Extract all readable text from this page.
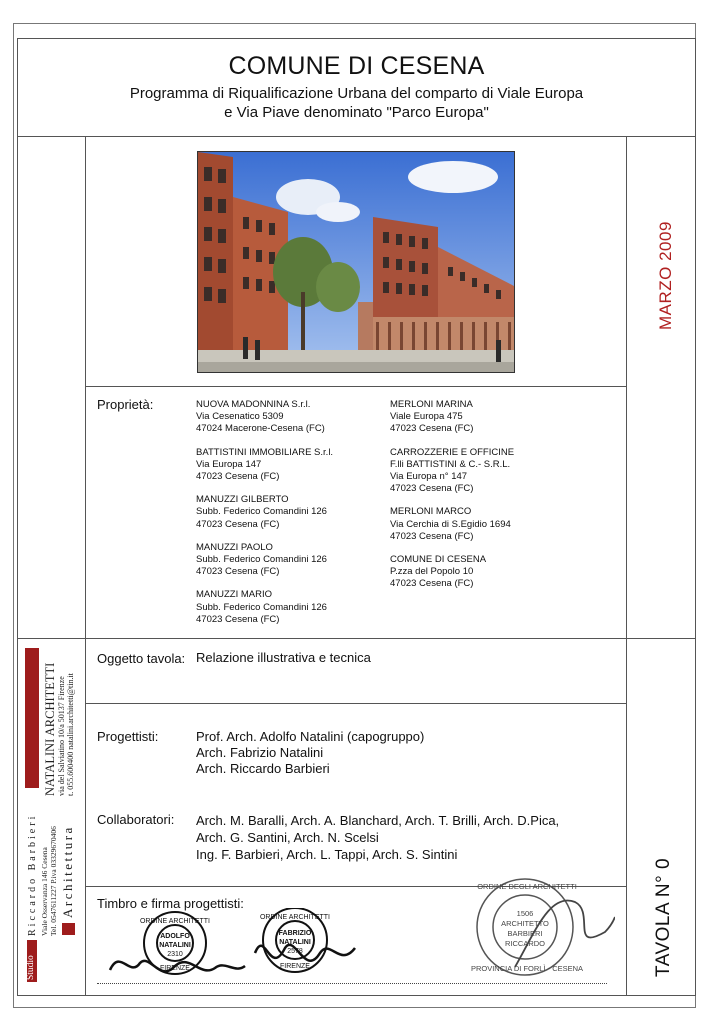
COMUNE DI CESENA
Programma di Riqualificazione Urbana del comparto di Viale Europa
e Via Piave denominato "Parco Europa"
MARZO 2009
TAVOLA N° 0
Proprietà:	NUOVA MADONNINA S.r.l.
Via Cesenatico 5309
47024 Macerone-Cesena (FC)
BATTISTINI IMMOBILIARE S.r.l.
Via Europa 147
47023 Cesena (FC)
MANUZZI GILBERTO
Subb. Federico Comandini 126
47023 Cesena (FC)
MANUZZI PAOLO
Subb. Federico Comandini 126
47023 Cesena (FC)
MANUZZI MARIO
Subb. Federico Comandini 126
47023 Cesena (FC)
MERLONI MARINA
Viale Europa 475
47023 Cesena (FC)
CARROZZERIE E OFFICINE
F.lli BATTISTINI & C.- S.R.L.
Via Europa n° 147
47023 Cesena (FC)
MERLONI MARCO
Via Cerchia di S.Egidio 1694
47023 Cesena (FC)
COMUNE DI CESENA
P.zza del Popolo 10
47023 Cesena (FC)
Oggetto tavola: Relazione illustrativa e tecnica
Progettisti:	Prof. Arch. Adolfo Natalini (capogruppo)
Arch. Fabrizio Natalini
Arch. Riccardo Barbieri
Collaboratori: Arch. M. Baralli, Arch. A. Blanchard, Arch. T. Brilli, Arch. D.Pica,
Arch. G. Santini, Arch. N. Scelsi
Ing. F. Barbieri, Arch. L. Tappi, Arch. S. Sintini
Timbro e firma progettisti:
ORDINE ARCHITETTI
ADOLFO
NATALINI
2310
FIRENZE
ORDINE ARCHITETTI
FABRIZIO
NATALINI
2578
FIRENZE
ORDINE DEGLI ARCHITETTI
1506
ARCHITETTO
BARBIERI
RICCARDO
PROVINCIA DI FORLÌ - CESENA
NATALINI ARCHITETTI via del Salviatino 10/a 50137 Firenze t. 055.600400 natalini.architetti@tin.it
Studio
Riccardo Barbieri Viale Osservanza 146 Cesena Tel. 0547611227 P.iva 03329670406 Architettura
